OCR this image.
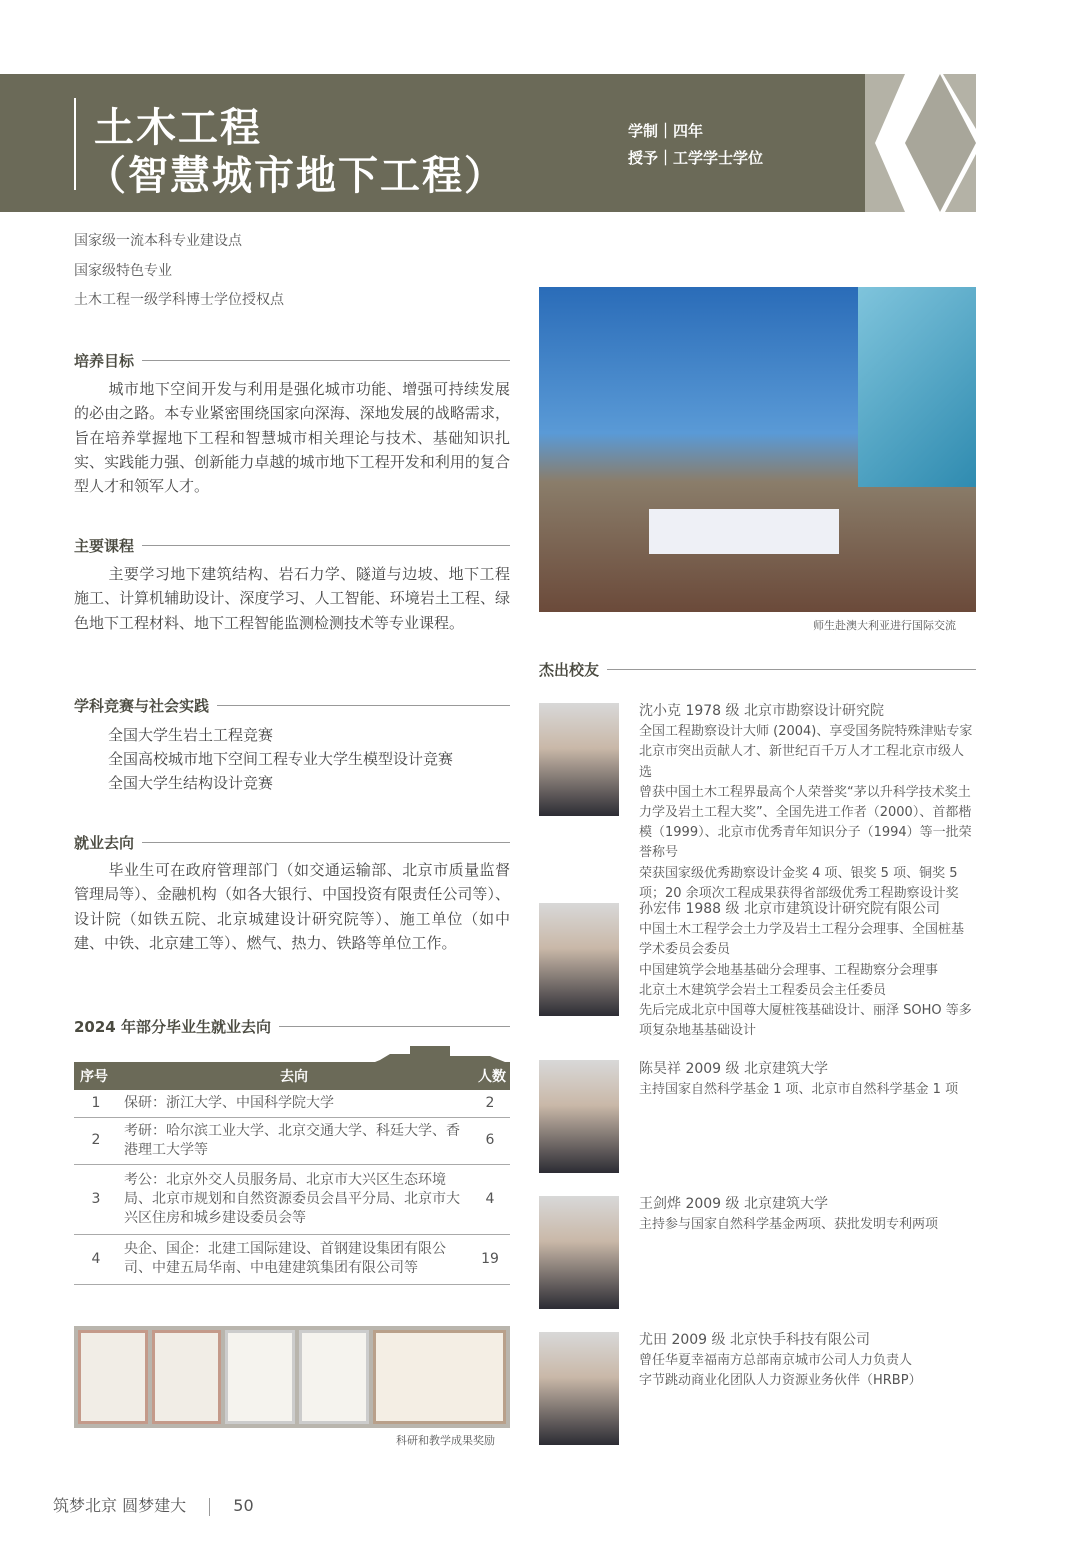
土木工程
（智慧城市地下工程）
学制｜四年
授予｜工学学士学位
国家级一流本科专业建设点
国家级特色专业
土木工程一级学科博士学位授权点
培养目标
城市地下空间开发与利用是强化城市功能、增强可持续发展的必由之路。本专业紧密围绕国家向深海、深地发展的战略需求，旨在培养掌握地下工程和智慧城市相关理论与技术、基础知识扎实、实践能力强、创新能力卓越的城市地下工程开发和利用的复合型人才和领军人才。
主要课程
主要学习地下建筑结构、岩石力学、隧道与边坡、地下工程施工、计算机辅助设计、深度学习、人工智能、环境岩土工程、绿色地下工程材料、地下工程智能监测检测技术等专业课程。
学科竞赛与社会实践
全国大学生岩土工程竞赛
全国高校城市地下空间工程专业大学生模型设计竞赛
全国大学生结构设计竞赛
就业去向
毕业生可在政府管理部门（如交通运输部、北京市质量监督管理局等）、金融机构（如各大银行、中国投资有限责任公司等）、设计院（如铁五院、北京城建设计研究院等）、施工单位（如中建、中铁、北京建工等）、燃气、热力、铁路等单位工作。
2024 年部分毕业生就业去向
序号	去向	人数
1	保研：浙江大学、中国科学院大学	2
2	考研：哈尔滨工业大学、北京交通大学、科廷大学、香港理工大学等	6
3	考公：北京外交人员服务局、北京市大兴区生态环境局、北京市规划和自然资源委员会昌平分局、北京市大兴区住房和城乡建设委员会等	4
4	央企、国企：北建工国际建设、首钢建设集团有限公司、中建五局华南、中电建建筑集团有限公司等	19
科研和教学成果奖励
师生赴澳大利亚进行国际交流
杰出校友
沈小克 1978 级 北京市勘察设计研究院
全国工程勘察设计大师 (2004)、享受国务院特殊津贴专家
北京市突出贡献人才、新世纪百千万人才工程北京市级人选
曾获中国土木工程界最高个人荣誉奖“茅以升科学技术奖土力学及岩土工程大奖”、全国先进工作者（2000）、首都楷模（1999）、北京市优秀青年知识分子（1994）等一批荣誉称号
荣获国家级优秀勘察设计金奖 4 项、银奖 5 项、铜奖 5 项；20 余项次工程成果获得省部级优秀工程勘察设计奖
孙宏伟 1988 级 北京市建筑设计研究院有限公司
中国土木工程学会土力学及岩土工程分会理事、全国桩基学术委员会委员
中国建筑学会地基基础分会理事、工程勘察分会理事
北京土木建筑学会岩土工程委员会主任委员
先后完成北京中国尊大厦桩筏基础设计、丽泽 SOHO 等多项复杂地基基础设计
陈昊祥 2009 级 北京建筑大学
主持国家自然科学基金 1 项、北京市自然科学基金 1 项
王剑烨 2009 级 北京建筑大学
主持参与国家自然科学基金两项、获批发明专利两项
尤田 2009 级 北京快手科技有限公司
曾任华夏幸福南方总部南京城市公司人力负责人
字节跳动商业化团队人力资源业务伙伴（HRBP）
筑梦北京 圆梦建大	50
